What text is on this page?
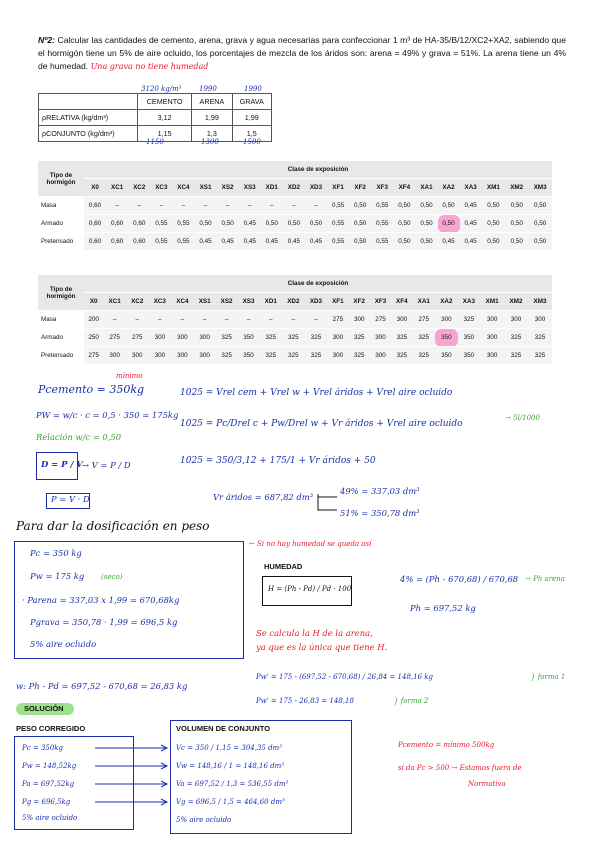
Nº2: Calcular las cantidades de cemento, arena, grava y agua necesarias para confeccionar 1 m³ de HA-35/B/12/XC2+XA2, sabiendo que el hormigón tiene un 5% de aire ocluido, los porcentajes de mezcla de los áridos son: arena = 49% y grava = 51%. La arena tiene un 4% de humedad. Una grava no tiene humedad
3120 kg/m³ 1990	1990
	CEMENTO	ARENA	GRAVA
ρRELATIVA (kg/dm³)	3,12	1,99	1,99
ρCONJUNTO (kg/dm³)	1,15	1,3	1,5
1150	1300	1500
Tipo de hormigón	Clase de exposición																				
	X0	XC1	XC2	XC3	XC4	XS1	XS2	XS3	XD1	XD2	XD3	XF1	XF2	XF3	XF4	XA1	XA2	XA3	XM1	XM2	XM3
Masa	0,60	–	–	–	–	–	–	–	–	–	–	0,55	0,50	0,55	0,50	0,50	0,50	0,45	0,50	0,50	0,50
Armado	0,60	0,60	0,60	0,55	0,55	0,50	0,50	0,45	0,50	0,50	0,50	0,55	0,50	0,55	0,50	0,50	0,50	0,45	0,50	0,50	0,50
Pretensado	0,60	0,60	0,60	0,55	0,55	0,45	0,45	0,45	0,45	0,45	0,45	0,55	0,50	0,55	0,50	0,50	0,45	0,45	0,50	0,50	0,50
Tipo de hormigón	Clase de exposición																				
	X0	XC1	XC2	XC3	XC4	XS1	XS2	XS3	XD1	XD2	XD3	XF1	XF2	XF3	XF4	XA1	XA2	XA3	XM1	XM2	XM3
Masa	200	–	–	–	–	–	–	–	–	–	–	275	300	275	300	275	300	325	300	300	300
Armado	250	275	275	300	300	300	325	350	325	325	325	300	325	300	325	325	350	350	300	325	325
Pretensado	275	300	300	300	300	300	325	350	325	325	325	300	325	300	325	325	350	350	300	325	325
Pcemento = 350kg
mínimo
PW = w/c · c = 0,5 · 350 = 175kg
Relación w/c = 0,50
D = P / V → V = P / D
P = V · D
1025 = Vrel cem + Vrel w + Vrel áridos + Vrel aire ocluido
1025 = Pc/Drel c + Pw/Drel w + Vr áridos + Vrel aire ocluido
→ 5l/1000
1025 = 350/3,12 + 175/1 + Vr áridos + 50
Vr áridos = 687,82 dm³
49% = 337,03 dm³
51% = 350,78 dm³
Para dar la dosificación en peso
Pc = 350 kg
Pw = 175 kg (seco)
· Parena = 337,03 x 1,99 = 670,68kg
Pgrava = 350,78 · 1,99 = 696,5 kg
5% aire ocluido
← Si no hay humedad se queda así
HUMEDAD
H = (Ph - Pd) / Pd · 100
4% = (Ph - 670,68) / 670,68 → Ph arena
Ph = 697,52 kg
Se calcula la H de la arena,
ya que es la única que tiene H.
w: Ph - Pd = 697,52 - 670,68 = 26,83 kg
Pw' = 175 - (697,52 - 670,68) / 26,84 = 148,16 kg	} forma 1
Pw' = 175 - 26,83 = 148,18	} forma 2
SOLUCIÓN
PESO CORREGIDO
Pc = 350kg
Pw = 148,52kg
Pa = 697,52kg
Pg = 696,5kg
5% aire ocluido
VOLUMEN DE CONJUNTO
Vc = 350 / 1,15 = 304,35 dm³
Vw = 148,16 / 1 = 148,16 dm³
Va = 697,52 / 1,3 = 536,55 dm³
Vg = 696,5 / 1,5 = 464,60 dm³
5% aire ocluido
Pcemento = mínimo 500kg
si da Pc > 500 → Estamos fuera de
Normativa
